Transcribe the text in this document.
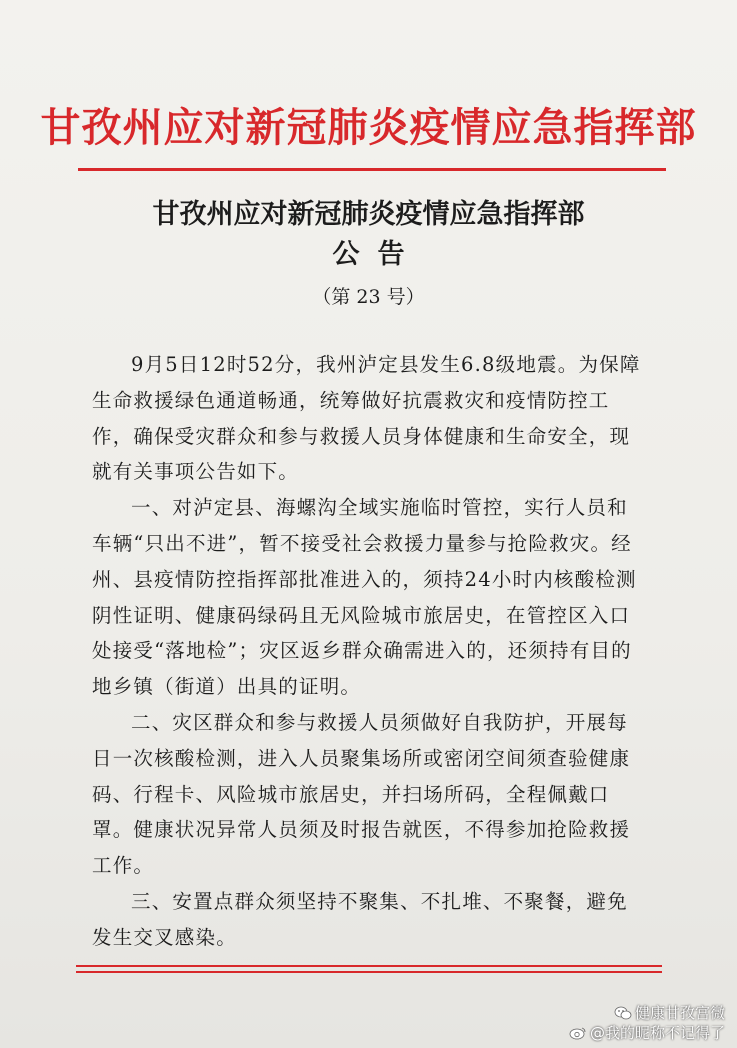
甘孜州应对新冠肺炎疫情应急指挥部
甘孜州应对新冠肺炎疫情应急指挥部
公告
（第 23 号）

9月5日12时52分，我州泸定县发生6.8级地震。为保障生命救援绿色通道畅通，统筹做好抗震救灾和疫情防控工作，确保受灾群众和参与救援人员身体健康和生命安全，现就有关事项公告如下。

一、对泸定县、海螺沟全域实施临时管控，实行人员和车辆“只出不进”，暂不接受社会救援力量参与抢险救灾。经州、县疫情防控指挥部批准进入的，须持24小时内核酸检测阴性证明、健康码绿码且无风险城市旅居史，在管控区入口处接受“落地检”；灾区返乡群众确需进入的，还须持有目的地乡镇（街道）出具的证明。

二、灾区群众和参与救援人员须做好自我防护，开展每日一次核酸检测，进入人员聚集场所或密闭空间须查验健康码、行程卡、风险城市旅居史，并扫场所码，全程佩戴口罩。健康状况异常人员须及时报告就医，不得参加抢险救援工作。

三、安置点群众须坚持不聚集、不扎堆、不聚餐，避免发生交叉感染。

健康甘孜宫微
@我的昵称不记得了
